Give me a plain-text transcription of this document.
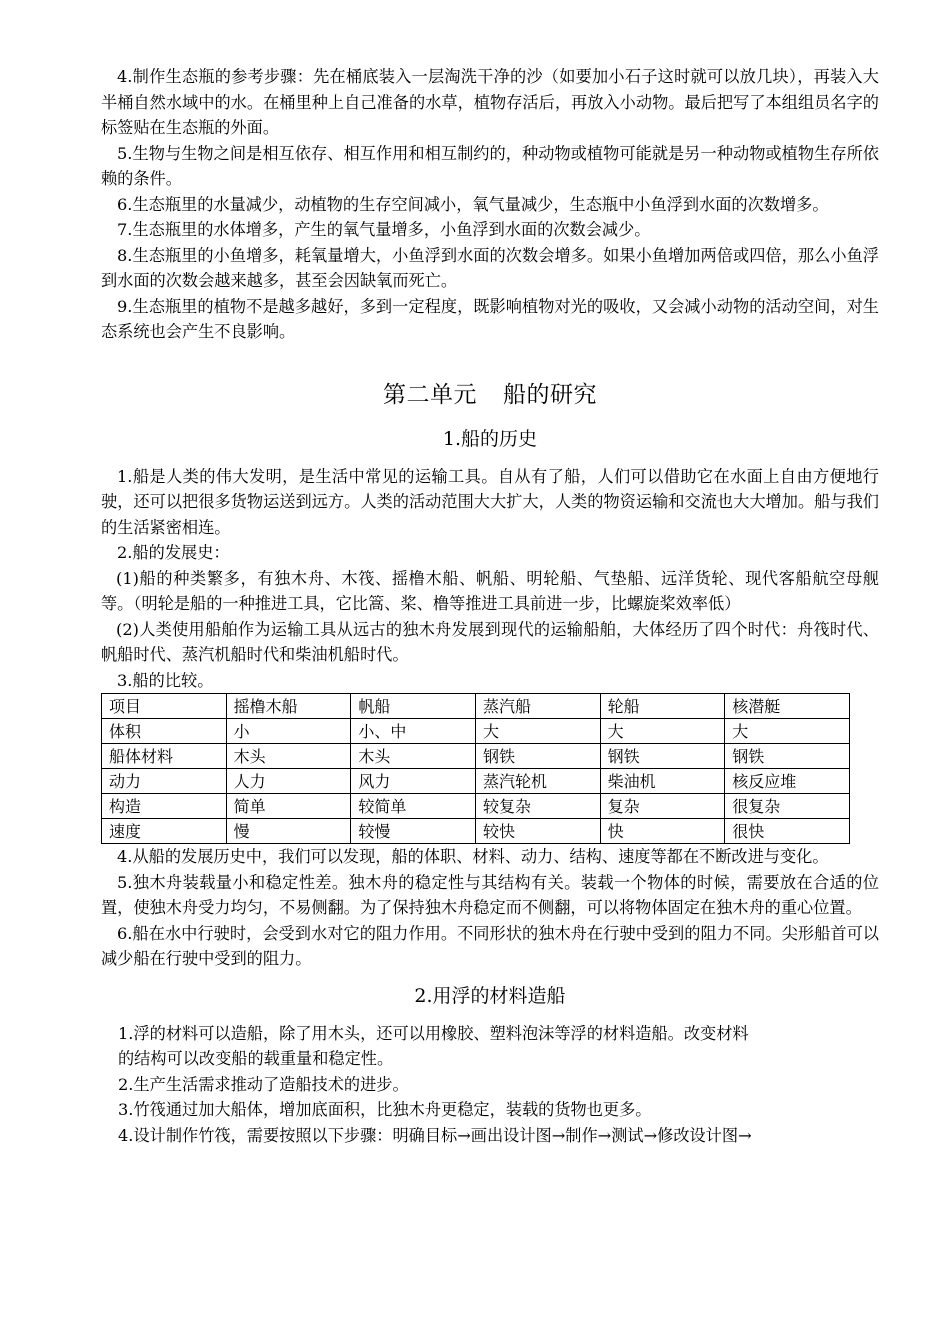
4.制作生态瓶的参考步骤：先在桶底装入一层淘洗干净的沙（如要加小石子这时就可以放几块），再装入大半桶自然水域中的水。在桶里种上自己准备的水草，植物存活后，再放入小动物。最后把写了本组组员名字的标签贴在生态瓶的外面。

5.生物与生物之间是相互依存、相互作用和相互制约的，种动物或植物可能就是另一种动物或植物生存所依赖的条件。

6.生态瓶里的水量减少，动植物的生存空间减小，氧气量减少，生态瓶中小鱼浮到水面的次数增多。

7.生态瓶里的水体增多，产生的氧气量增多，小鱼浮到水面的次数会减少。

8.生态瓶里的小鱼增多，耗氧量增大，小鱼浮到水面的次数会增多。如果小鱼增加两倍或四倍，那么小鱼浮到水面的次数会越来越多，甚至会因缺氧而死亡。

9.生态瓶里的植物不是越多越好，多到一定程度，既影响植物对光的吸收，又会减小动物的活动空间，对生态系统也会产生不良影响。

第二单元 船的研究
1.船的历史

1.船是人类的伟大发明，是生活中常见的运输工具。自从有了船，人们可以借助它在水面上自由方便地行驶，还可以把很多货物运送到远方。人类的活动范围大大扩大，人类的物资运输和交流也大大增加。船与我们的生活紧密相连。

2.船的发展史：

(1)船的种类繁多，有独木舟、木筏、摇橹木船、帆船、明轮船、气垫船、远洋货轮、现代客船航空母舰等。（明轮是船的一种推进工具，它比篙、桨、橹等推进工具前进一步，比螺旋桨效率低）

(2)人类使用船舶作为运输工具从远古的独木舟发展到现代的运输船舶，大体经历了四个时代：舟筏时代、帆船时代、蒸汽机船时代和柴油机船时代。

3.船的比较。

项目	摇橹木船	帆船	蒸汽船	轮船	核潜艇
体积	小	小、中	大	大	大
船体材料	木头	木头	钢铁	钢铁	钢铁
动力	人力	风力	蒸汽轮机	柴油机	核反应堆
构造	简单	较简单	较复杂	复杂	很复杂
速度	慢	较慢	较快	快	很快

4.从船的发展历史中，我们可以发现，船的体职、材料、动力、结构、速度等都在不断改进与变化。

5.独木舟装载量小和稳定性差。独木舟的稳定性与其结构有关。装载一个物体的时候，需要放在合适的位置，使独木舟受力均匀，不易侧翻。为了保持独木舟稳定而不侧翻，可以将物体固定在独木舟的重心位置。

6.船在水中行驶时，会受到水对它的阻力作用。不同形状的独木舟在行驶中受到的阻力不同。尖形船首可以减少船在行驶中受到的阻力。

2.用浮的材料造船

1.浮的材料可以造船，除了用木头，还可以用橡胶、塑料泡沫等浮的材料造船。改变材料

的结构可以改变船的载重量和稳定性。

2.生产生活需求推动了造船技术的进步。

3.竹筏通过加大船体，增加底面积，比独木舟更稳定，装载的货物也更多。

4.设计制作竹筏，需要按照以下步骤：明确目标→画出设计图→制作→测试→修改设计图→
